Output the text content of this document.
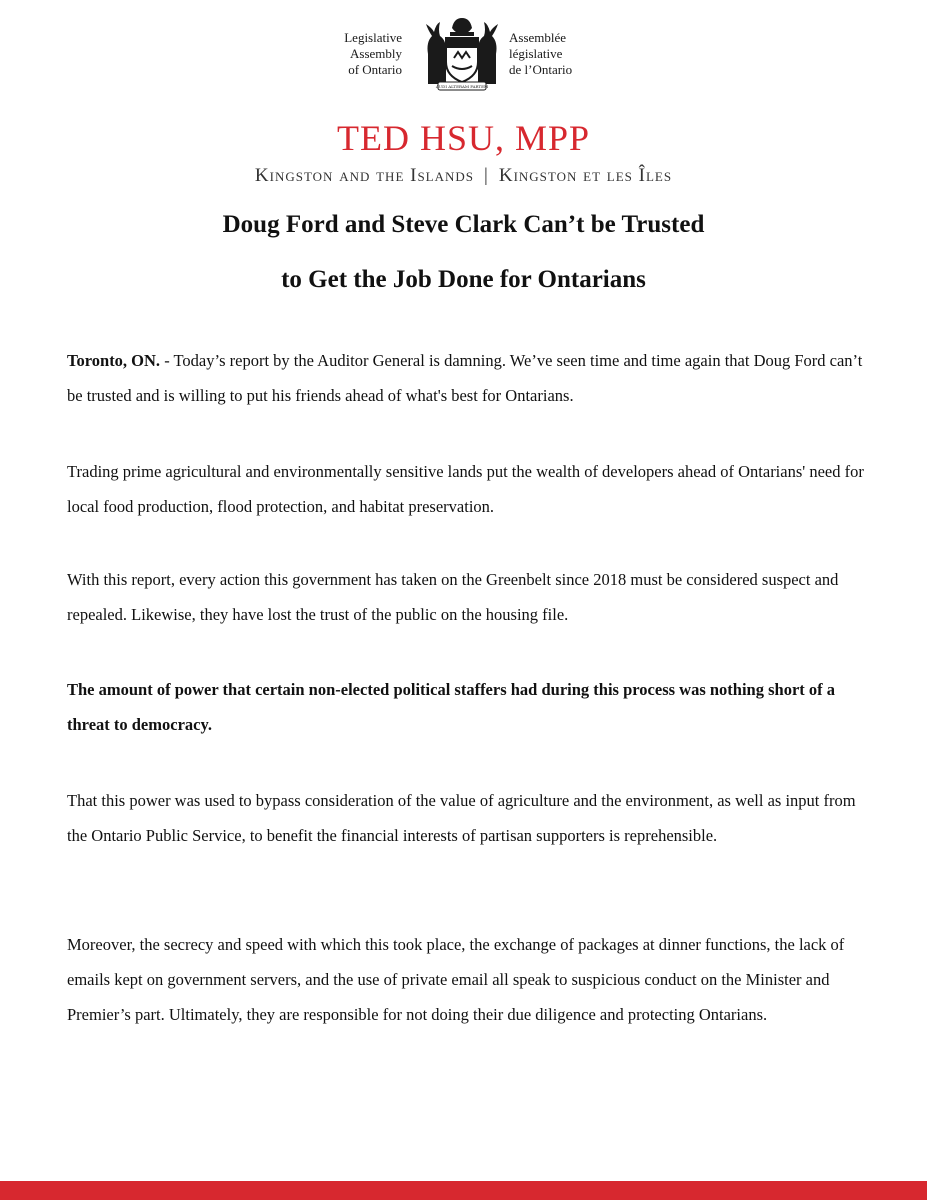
Legislative
Assembly
of Ontario
AUDI ALTERAM PARTEM
Assemblée
législative
de l’Ontario
TED HSU, MPP
Kingston and the Islands | Kingston et les Îles
Doug Ford and Steve Clark Can’t be Trusted
to Get the Job Done for Ontarians

Toronto, ON. - Today’s report by the Auditor General is damning. We’ve seen time and time again that Doug Ford can’t be trusted and is willing to put his friends ahead of what's best for Ontarians.

Trading prime agricultural and environmentally sensitive lands put the wealth of developers ahead of Ontarians' need for local food production, flood protection, and habitat preservation.

With this report, every action this government has taken on the Greenbelt since 2018 must be considered suspect and repealed. Likewise, they have lost the trust of the public on the housing file.

The amount of power that certain non-elected political staffers had during this process was nothing short of a threat to democracy.

That this power was used to bypass consideration of the value of agriculture and the environment, as well as input from the Ontario Public Service, to benefit the financial interests of partisan supporters is reprehensible.

Moreover, the secrecy and speed with which this took place, the exchange of packages at dinner functions, the lack of emails kept on government servers, and the use of private email all speak to suspicious conduct on the Minister and Premier’s part. Ultimately, they are responsible for not doing their due diligence and protecting Ontarians.
